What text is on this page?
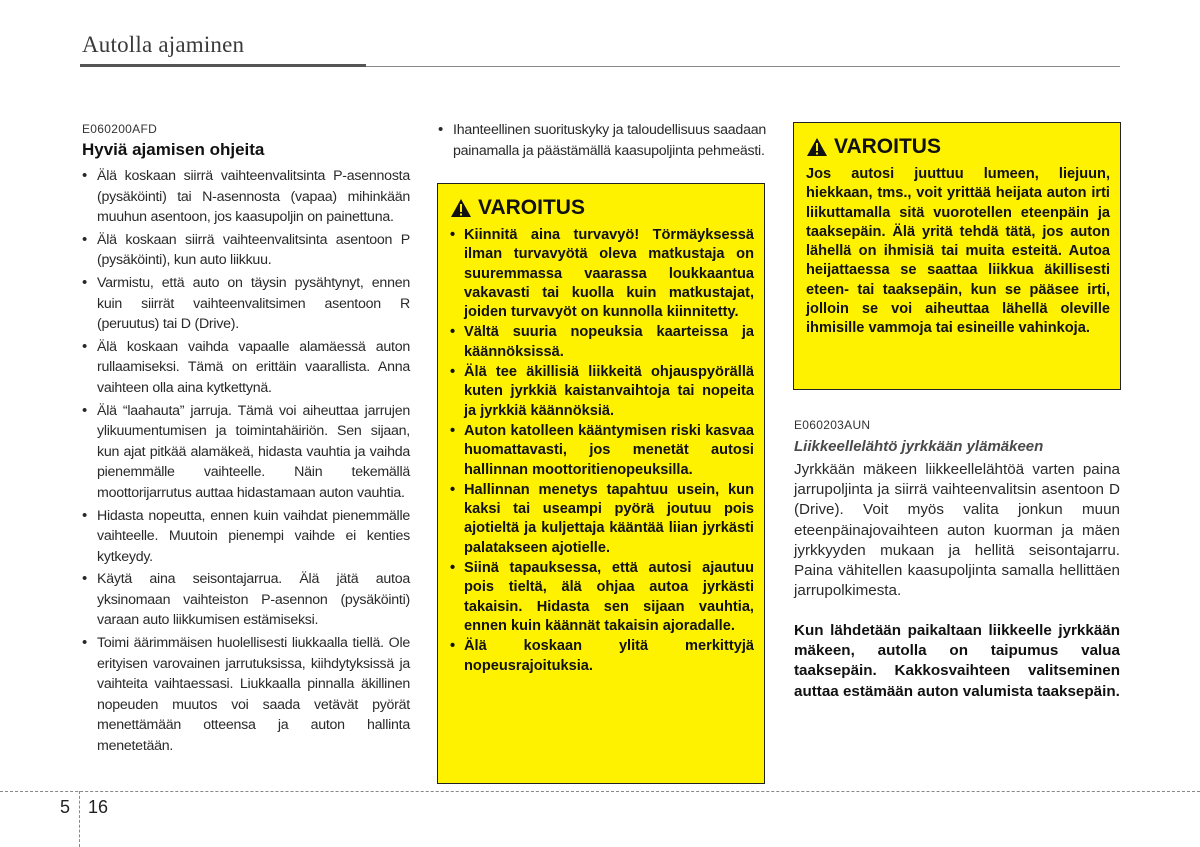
Autolla ajaminen
E060200AFD
Hyviä ajamisen ohjeita
• Älä koskaan siirrä vaihteenvalitsinta P-asennosta (pysäköinti) tai N-asennosta (vapaa) mihinkään muuhun asentoon, jos kaasupoljin on painettuna.
• Älä koskaan siirrä vaihteenvalitsinta asentoon P (pysäköinti), kun auto liikkuu.
• Varmistu, että auto on täysin pysähtynyt, ennen kuin siirrät vaihteenvalitsimen asentoon R (peruutus) tai D (Drive).
• Älä koskaan vaihda vapaalle alamäessä auton rullaamiseksi. Tämä on erittäin vaarallista. Anna vaihteen olla aina kytkettynä.
• Älä “laahauta” jarruja. Tämä voi aiheuttaa jarrujen ylikuumentumisen ja toimintahäiriön. Sen sijaan, kun ajat pitkää alamäkeä, hidasta vauhtia ja vaihda pienemmälle vaihteelle. Näin tekemällä moottorijarrutus auttaa hidastamaan auton vauhtia.
• Hidasta nopeutta, ennen kuin vaihdat pienemmälle vaihteelle. Muutoin pienempi vaihde ei kenties kytkeydy.
• Käytä aina seisontajarrua. Älä jätä autoa yksinomaan vaihteiston P-asennon (pysäköinti) varaan auto liikkumisen estämiseksi.
• Toimi äärimmäisen huolellisesti liukkaalla tiellä. Ole erityisen varovainen jarrutuksissa, kiihdytyksissä ja vaihteita vaihtaessasi. Liukkaalla pinnalla äkillinen nopeuden muutos voi saada vetävät pyörät menettämään otteensa ja auton hallinta menetetään.
• Ihanteellinen suorituskyky ja taloudellisuus saadaan painamalla ja päästämällä kaasupoljinta pehmeästi.
VAROITUS
• Kiinnitä aina turvavyö! Törmäyksessä ilman turvavyötä oleva matkustaja on suuremmassa vaarassa loukkaantua vakavasti tai kuolla kuin matkustajat, joiden turvavyöt on kunnolla kiinnitetty.
• Vältä suuria nopeuksia kaarteissa ja käännöksissä.
• Älä tee äkillisiä liikkeitä ohjauspyörällä kuten jyrkkiä kaistanvaihtoja tai nopeita ja jyrkkiä käännöksiä.
• Auton katolleen kääntymisen riski kasvaa huomattavasti, jos menetät autosi hallinnan moottoritienopeuksilla.
• Hallinnan menetys tapahtuu usein, kun kaksi tai useampi pyörä joutuu pois ajotieltä ja kuljettaja kääntää liian jyrkästi palatakseen ajotielle.
• Siinä tapauksessa, että autosi ajautuu pois tieltä, älä ohjaa autoa jyrkästi takaisin. Hidasta sen sijaan vauhtia, ennen kuin käännät takaisin ajoradalle.
• Älä koskaan ylitä merkittyjä nopeusrajoituksia.
VAROITUS

Jos autosi juuttuu lumeen, liejuun, hiekkaan, tms., voit yrittää heijata auton irti liikuttamalla sitä vuorotellen eteenpäin ja taaksepäin. Älä yritä tehdä tätä, jos auton lähellä on ihmisiä tai muita esteitä. Autoa heijattaessa se saattaa liikkua äkillisesti eteen- tai taaksepäin, kun se pääsee irti, jolloin se voi aiheuttaa lähellä oleville ihmisille vammoja tai esineille vahinkoja.

E060203AUN
Liikkeellelähtö jyrkkään ylämäkeen
Jyrkkään mäkeen liikkeellelähtöä varten paina jarrupoljinta ja siirrä vaihteenvalitsin asentoon D (Drive). Voit myös valita jonkun muun eteenpäinajovaihteen auton kuorman ja mäen jyrkkyyden mukaan ja hellitä seisontajarru. Paina vähitellen kaasupoljinta samalla hellittäen jarrupolkimesta.
Kun lähdetään paikaltaan liikkeelle jyrkkään mäkeen, autolla on taipumus valua taaksepäin. Kakkosvaihteen valitseminen auttaa estämään auton valumista taaksepäin.
5 16
